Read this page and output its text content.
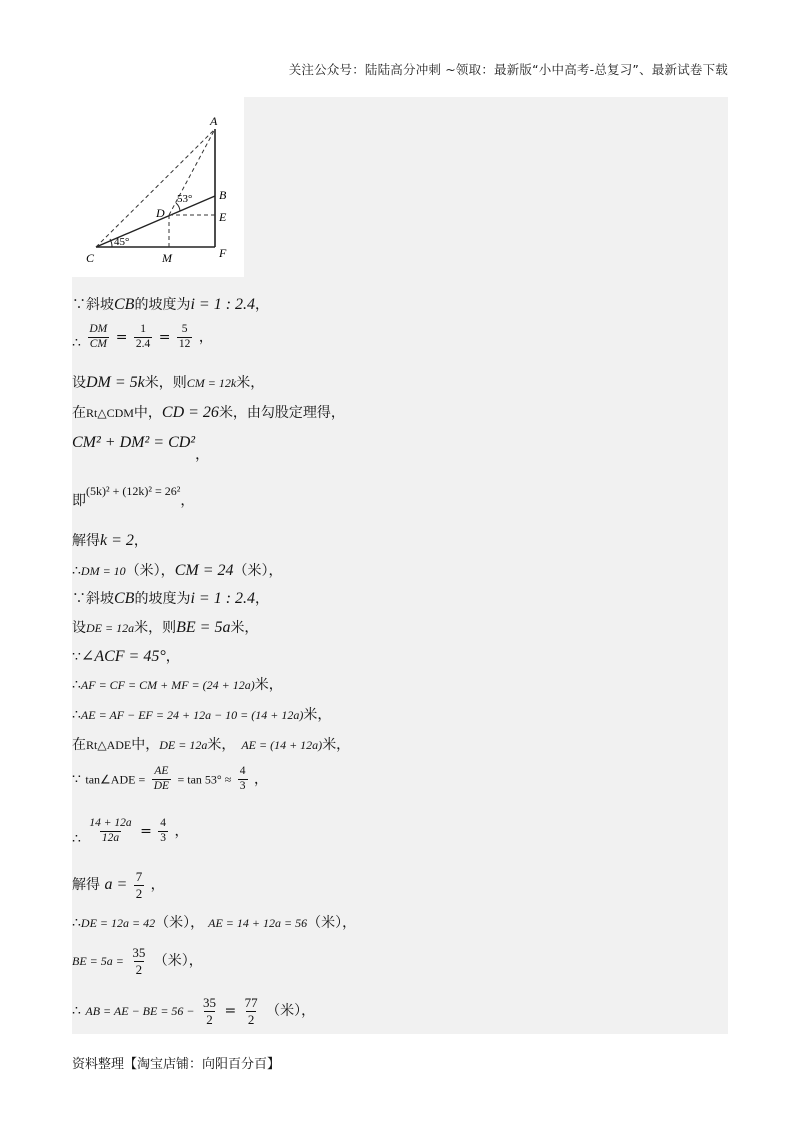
关注公众号：陆陆高分冲刺 ~领取：最新版“小中高考-总复习”、最新试卷下载
A
B
C
D	E
F
M
53°
45°
∵斜坡CB的坡度为i = 1 : 2.4，
∴ $\frac{DM}{CM} = \frac{1}{2.4} = \frac{5}{12}$ ，
设DM = 5k米，则CM = 12k米，
在Rt△CDM中，CD = 26米，由勾股定理得，
CM² + DM² = CD²，
即(5k)² + (12k)² = 26²，
解得k = 2，
∴DM = 10（米），CM = 24（米），
∵斜坡CB的坡度为i = 1 : 2.4，
设DE = 12a米，则BE = 5a米，
∵∠ACF = 45°，
∴AF = CF = CM + MF = (24 + 12a)米，
∴AE = AF − EF = 24 + 12a − 10 = (14 + 12a)米，
在Rt△ADE中，DE = 12a米， AE = (14 + 12a)米，
∵ tan∠ADE = $\frac{AE}{DE} = \tan 53^\circ \approx \frac{4}{3}$ ，
∴ $\frac{14 + 12a}{12a} = \frac{4}{3}$ ，
解得 $a = \frac{7}{2}$ ，
∴DE = 12a = 42（米）， AE = 14 + 12a = 56（米），
BE = $5a = \frac{35}{2}$ （米），
∴ AB = AE − BE = $56 - \frac{35}{2} = \frac{77}{2}$ （米），
资料整理【淘宝店铺：向阳百分百】
